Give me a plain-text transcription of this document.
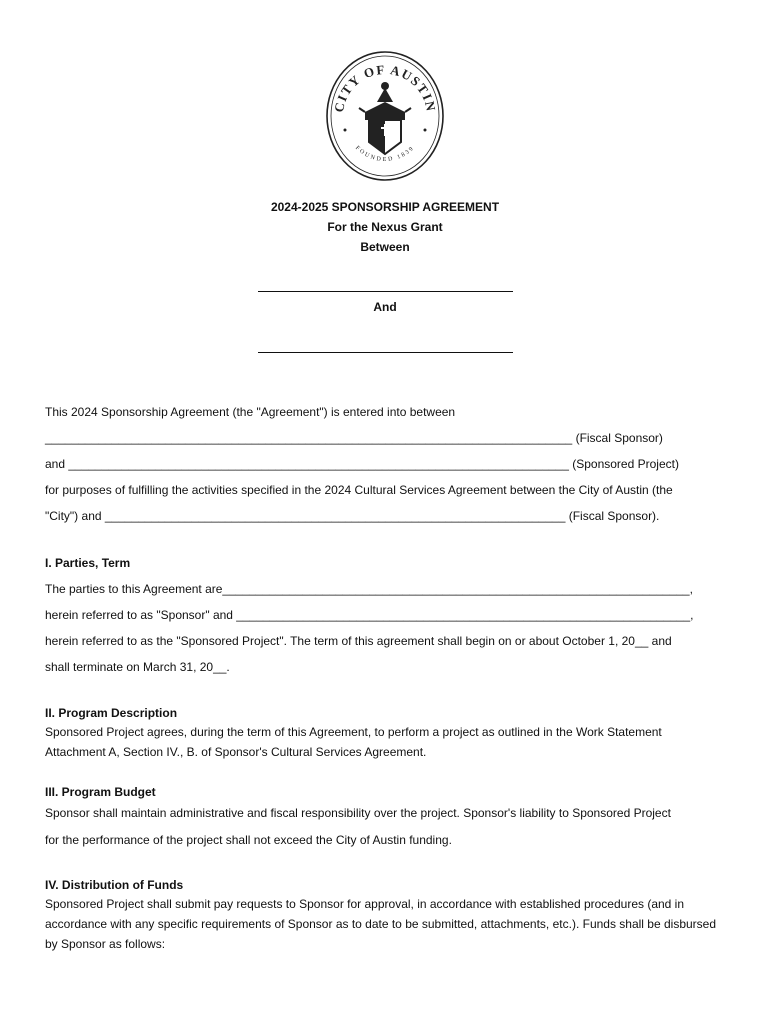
CITY OF AUSTIN
FOUNDED 1839
2024-2025 SPONSORSHIP AGREEMENT
For the Nexus Grant
Between
And
This 2024 Sponsorship Agreement (the "Agreement") is entered into between
_______________________________________________________________________________ (Fiscal Sponsor)
and ___________________________________________________________________________ (Sponsored Project)
for purposes of fulfilling the activities specified in the 2024 Cultural Services Agreement between the City of Austin (the
"City") and _____________________________________________________________________ (Fiscal Sponsor).
I. Parties, Term
The parties to this Agreement are______________________________________________________________________,
herein referred to as "Sponsor" and ____________________________________________________________________,
herein referred to as the "Sponsored Project". The term of this agreement shall begin on or about October 1, 20__ and
shall terminate on March 31, 20__.
II. Program Description
Sponsored Project agrees, during the term of this Agreement, to perform a project as outlined in the Work Statement Attachment A, Section IV., B. of Sponsor's Cultural Services Agreement.
III. Program Budget
Sponsor shall maintain administrative and fiscal responsibility over the project. Sponsor's liability to Sponsored Project
for the performance of the project shall not exceed the City of Austin funding.
IV. Distribution of Funds
Sponsored Project shall submit pay requests to Sponsor for approval, in accordance with established procedures (and in accordance with any specific requirements of Sponsor as to date to be submitted, attachments, etc.). Funds shall be disbursed by Sponsor as follows:
